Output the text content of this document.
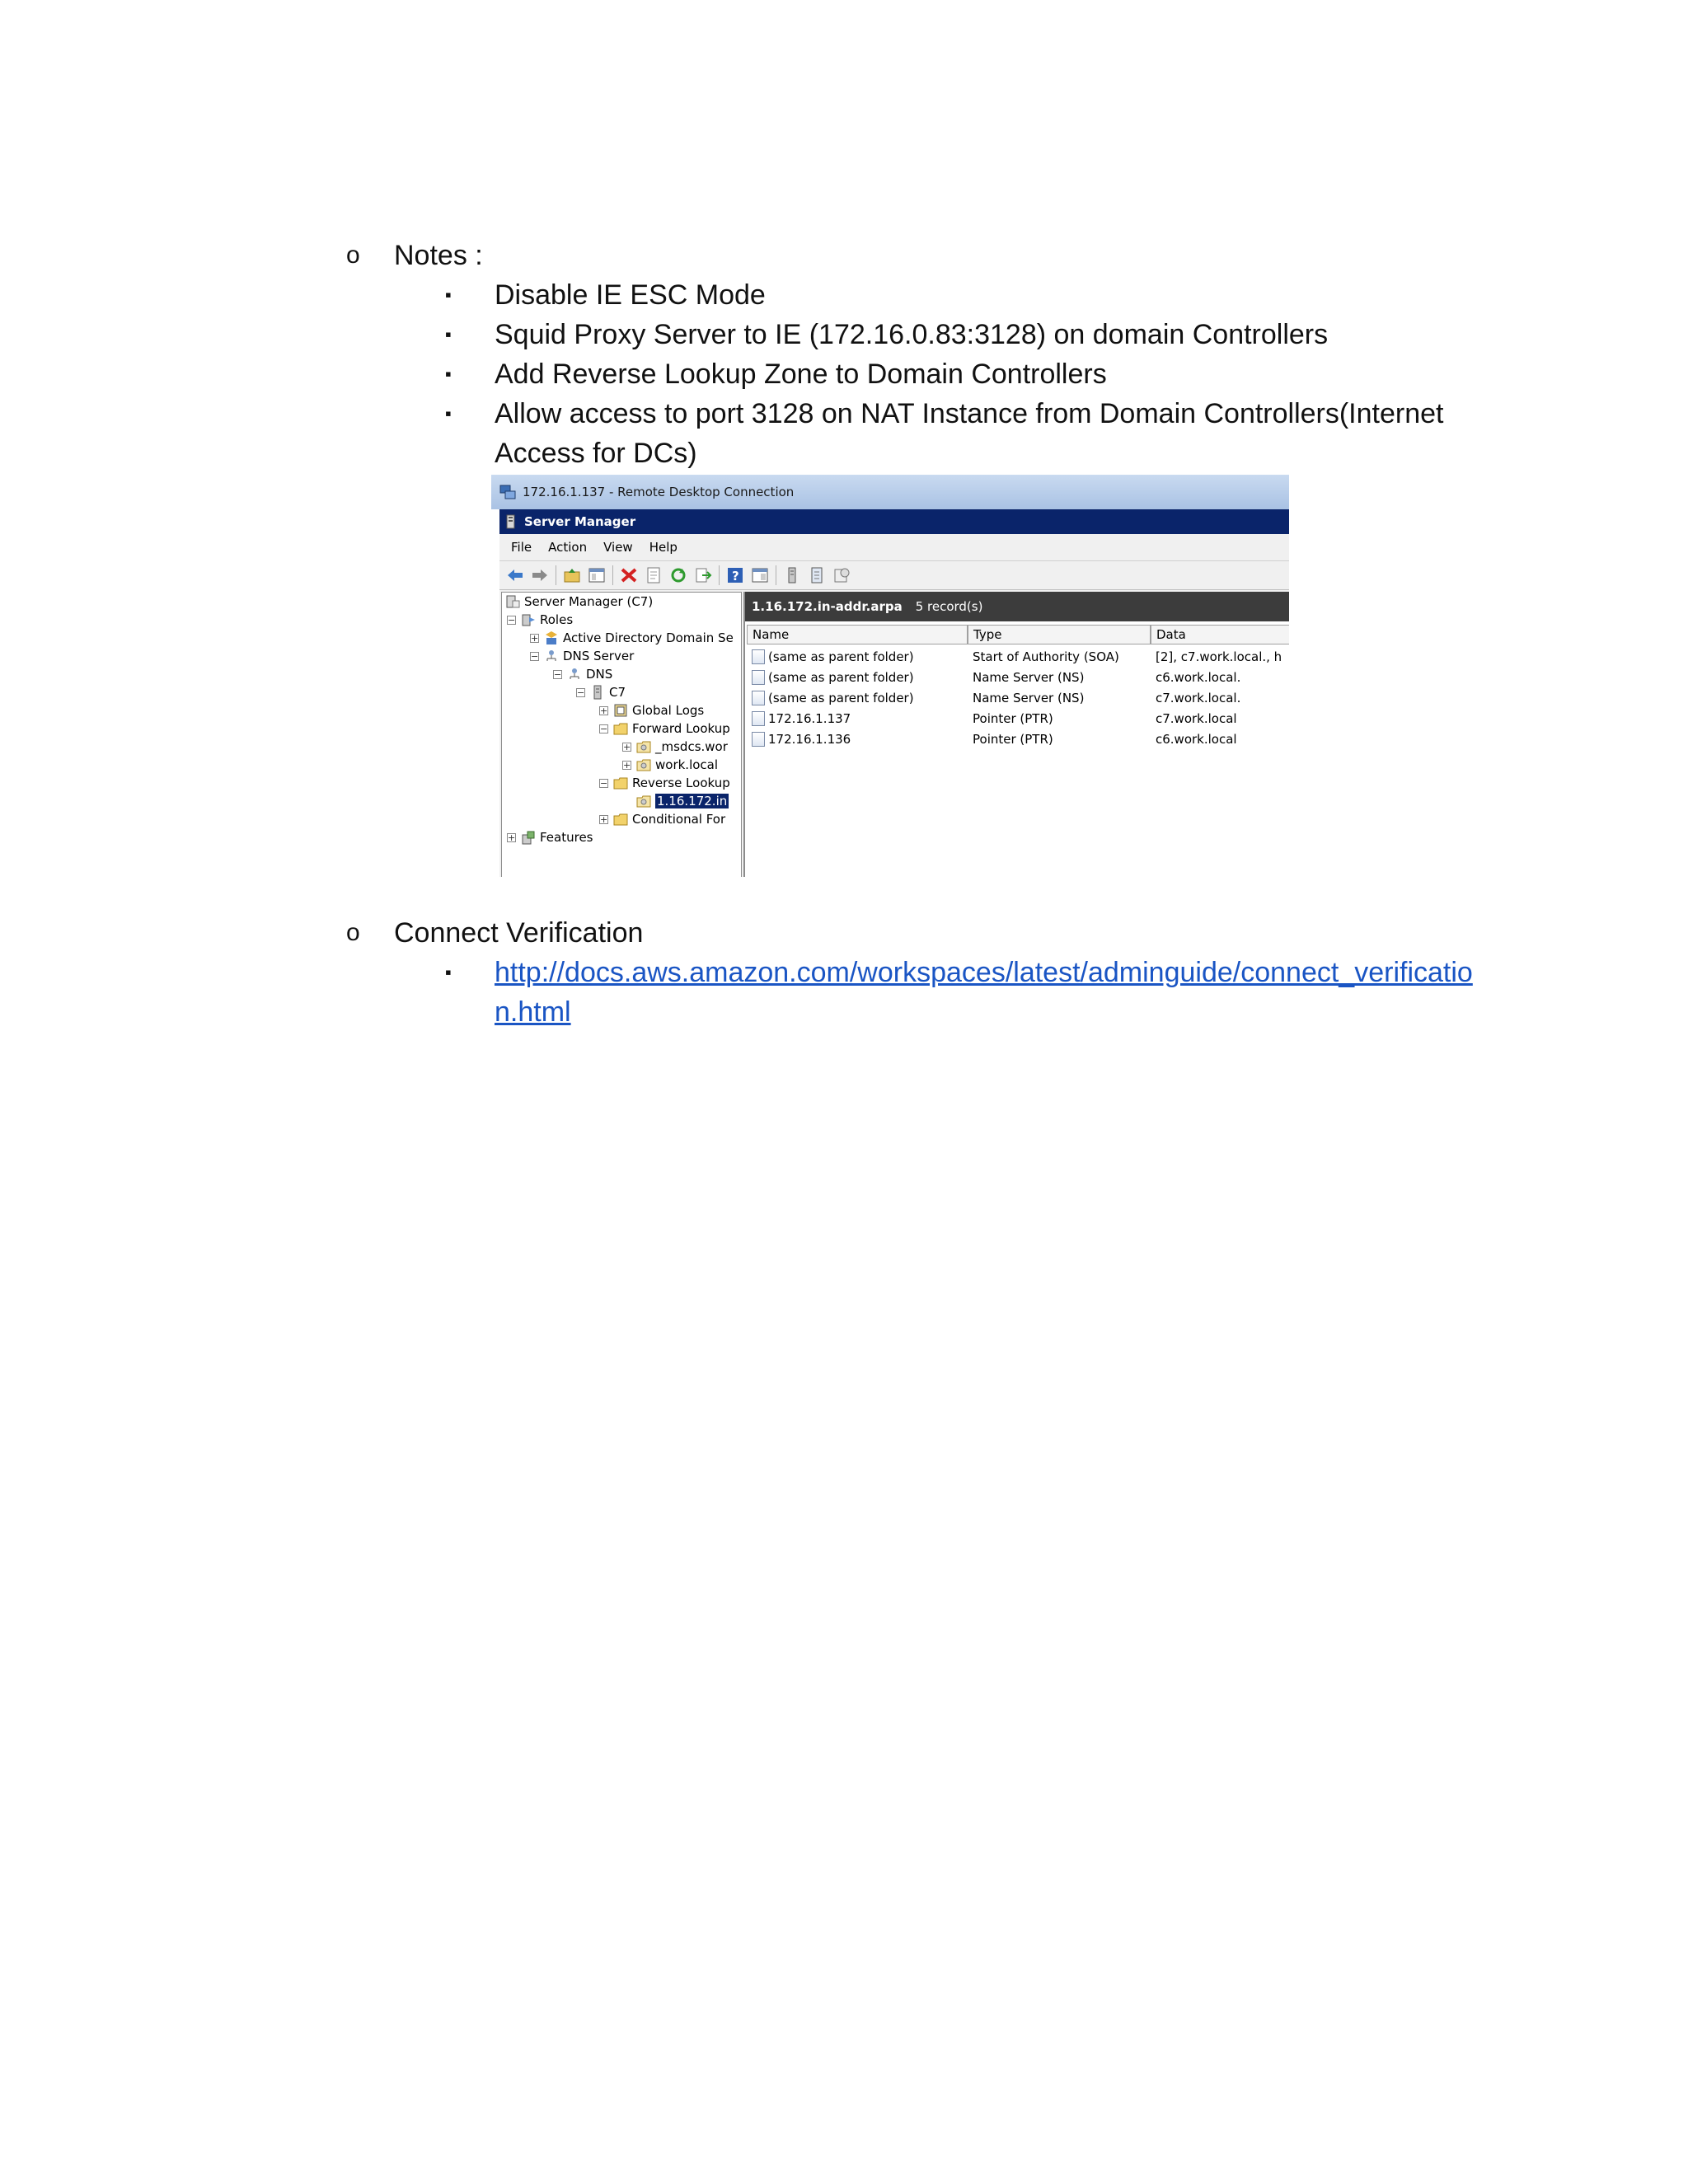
o Notes :
▪ Disable IE ESC Mode
▪ Squid Proxy Server to IE (172.16.0.83:3128) on domain Controllers
▪ Add Reverse Lookup Zone to Domain Controllers
▪ Allow access to port 3128 on NAT Instance from Domain Controllers(Internet Access for DCs)
172.16.1.137 - Remote Desktop Connection
Server Manager
File Action View Help
?
Server Manager (C7)
− Roles
+ Active Directory Domain Se
− DNS Server
− DNS
− C7
+ Global Logs
− Forward Lookup
+ _msdcs.wor
+ work.local
− Reverse Lookup
1.16.172.in
+ Conditional For
+ Features
1.16.172.in-addr.arpa 5 record(s)
Name	Type	Data
(same as parent folder)	Start of Authority (SOA)	[2], c7.work.local., h
(same as parent folder)	Name Server (NS)	c6.work.local.
(same as parent folder)	Name Server (NS)	c7.work.local.
172.16.1.137	Pointer (PTR)	c7.work.local
172.16.1.136	Pointer (PTR)	c6.work.local
o Connect Verification
▪ http://docs.aws.amazon.com/workspaces/latest/adminguide/connect_verification.html
